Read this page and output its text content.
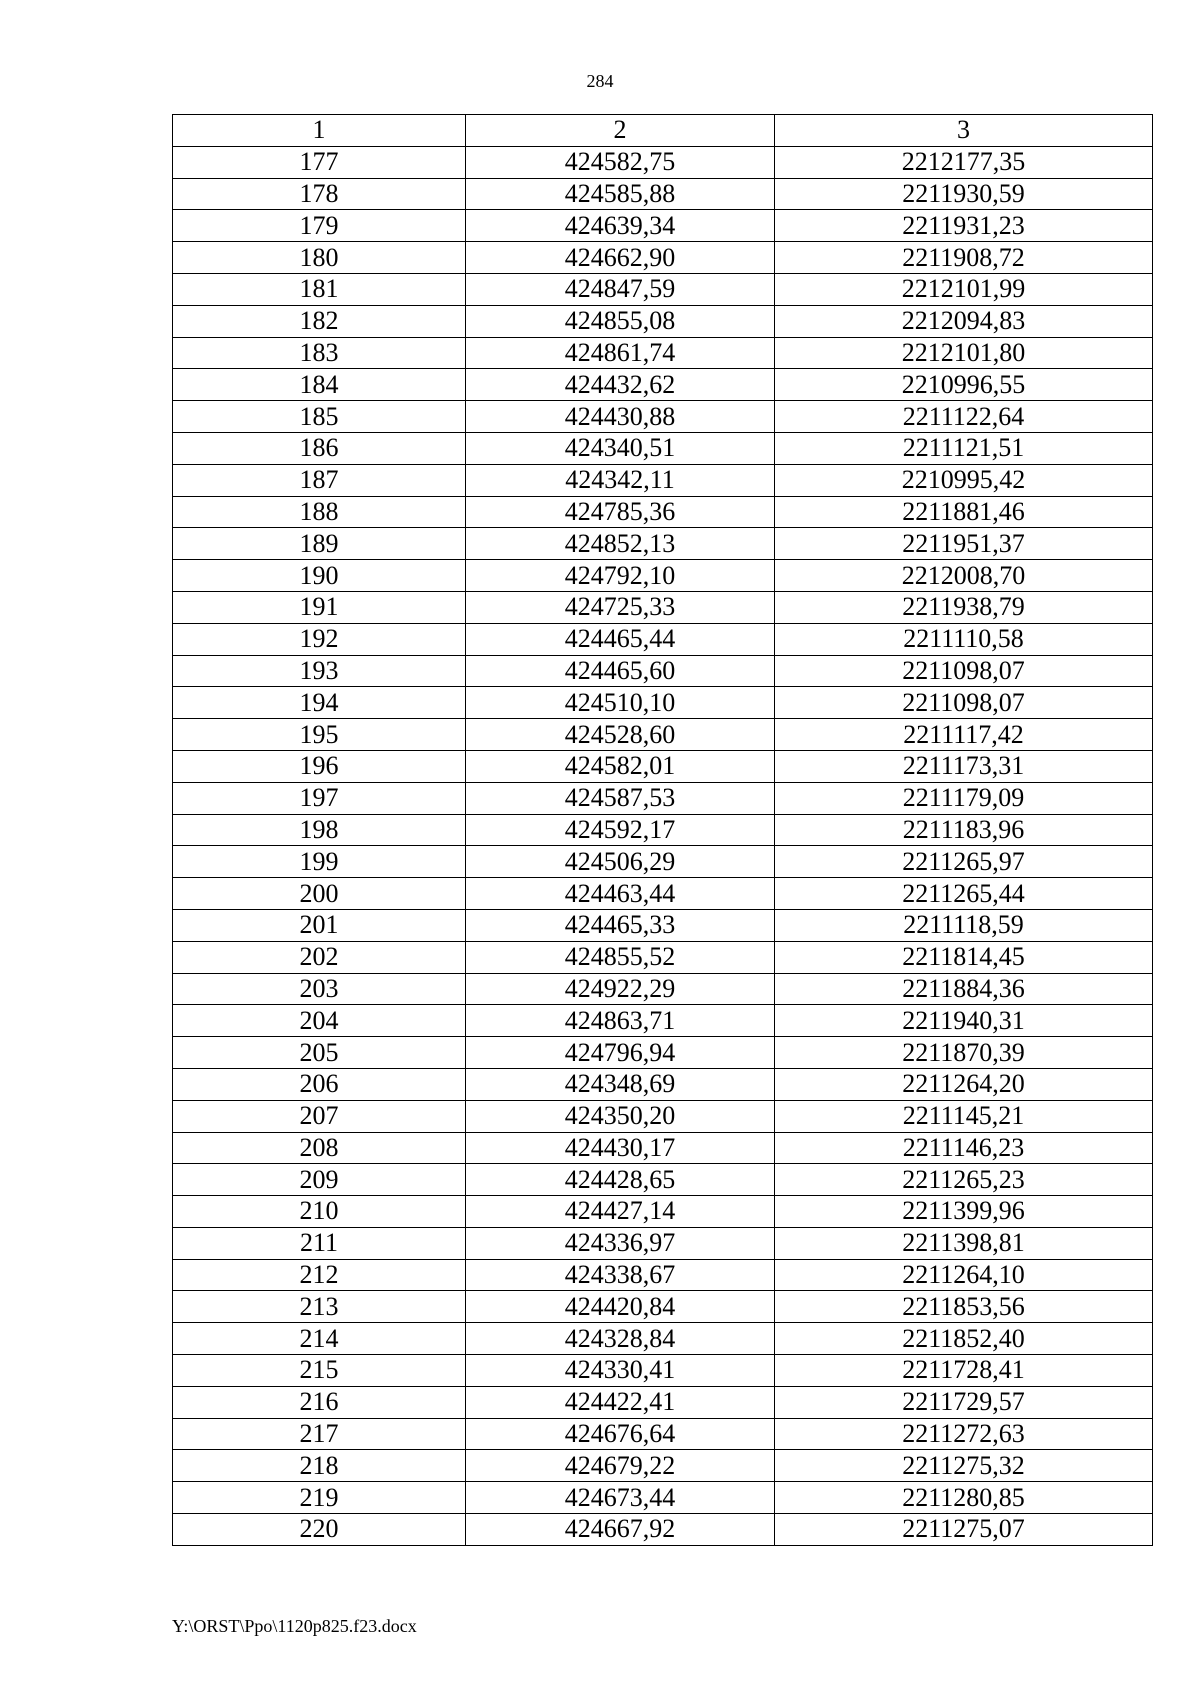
284
1	2	3
177	424582,75	2212177,35
178	424585,88	2211930,59
179	424639,34	2211931,23
180	424662,90	2211908,72
181	424847,59	2212101,99
182	424855,08	2212094,83
183	424861,74	2212101,80
184	424432,62	2210996,55
185	424430,88	2211122,64
186	424340,51	2211121,51
187	424342,11	2210995,42
188	424785,36	2211881,46
189	424852,13	2211951,37
190	424792,10	2212008,70
191	424725,33	2211938,79
192	424465,44	2211110,58
193	424465,60	2211098,07
194	424510,10	2211098,07
195	424528,60	2211117,42
196	424582,01	2211173,31
197	424587,53	2211179,09
198	424592,17	2211183,96
199	424506,29	2211265,97
200	424463,44	2211265,44
201	424465,33	2211118,59
202	424855,52	2211814,45
203	424922,29	2211884,36
204	424863,71	2211940,31
205	424796,94	2211870,39
206	424348,69	2211264,20
207	424350,20	2211145,21
208	424430,17	2211146,23
209	424428,65	2211265,23
210	424427,14	2211399,96
211	424336,97	2211398,81
212	424338,67	2211264,10
213	424420,84	2211853,56
214	424328,84	2211852,40
215	424330,41	2211728,41
216	424422,41	2211729,57
217	424676,64	2211272,63
218	424679,22	2211275,32
219	424673,44	2211280,85
220	424667,92	2211275,07
Y:\ORST\Ppo\1120p825.f23.docx
